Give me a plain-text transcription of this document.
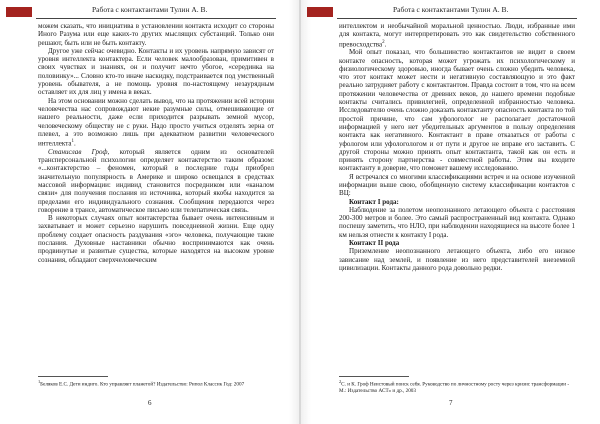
Работа с контактантами Тулин А. В.

можем сказать, что инициатива в установлении контакта исходит со стороны Иного Разума или еще каких-то других мыслящих субстанций. Только они решают, быть или не быть контакту.

Другое уже сейчас очевидно. Контакты и их уровень напрямую зависят от уровня интеллекта контактера. Если человек малообразован, примитивен в своих чувствах и знаниях, он и получит нечто убогое, «серединка на половинку»... Словно кто-то иначе наскидку, подстраивается под умственный уровень обывателя, а не помощь уровня по-настоящему незаурядным оставляет их для лиц у имена в веках.

На этом основании можно сделать вывод, что на протяжении всей истории человечества нас сопровождают некие разумные силы, отмешивающие от нашего реальности, даже если приходится разрывать земной мусор, человеческому обществу не с руки. Надо просто учиться отделять зерна от плевел, а это возможно лишь при адекватном развитии человеческого интеллекта$^1$.

Станислав Гроф, который является одним из основателей трансперсональной психологии определяет контактерство таким образом: «...контактерство – феномен, который в последние годы приобрел значительную популярность в Америке и широко освещался в средствах массовой информации: индивид становится посредником или «каналом связи» для получения послания из источника, который якобы находится за пределами его индивидуального сознания. Сообщения передаются через говорение в трансе, автоматическое письмо или телепатическая связь.

В некоторых случаях опыт контактерства бывает очень интенсивным и захватывает и может серьезно нарушить повседневной жизни. Еще одну проблему создает опасность раздувания «эго» человека, получающие такие послания. Духовные наставники обычно воспринимаются как очень продвинутые и развитые существа, которые находятся на высоком уровне сознания, обладают сверхчеловеческим

$^1$Беляков Е.С. Дети индиго. Кто управляет планетой? Издательство: Рипол Классик Год: 2007
6
Работа с контактантами Тулин А. В.

интеллектом и необычайной моральной ценностью. Люди, избранные ими для контакта, могут интерпретировать это как свидетельство собственного превосходства$^2$.

Мой опыт показал, что большинство контактантов не видит в своем контакте опасность, которая может угрожать их психологическому и физиологическому здоровью, иногда бывает очень сложно убедить человека, что этот контакт может нести и негативную составляющую и это факт реально затрудняет работу с контактантом. Правда состоит в том, что на всем протяжении человечества от древних веков, до нашего времени подобные контакты считались привилегией, определенной избранностью человека. Исследователю очень сложно доказать контактанту опасность контакта по той простой причине, что сам уфологолог не располагает достаточной информацией у него нет убедительных аргументов в пользу определения контакта как негативного. Контактант в праве отказаться от работы с уфологом или уфологологом и от пути и другое не вправе его заставить. С другой стороны можно принять опыт контактанта, такой как он есть и принять сторону партнерства - совместной работы. Этим вы входите контактанту в доверие, что поможет вашему исследованию.

Я встречался со многими классификациями встреч и на основе изученной информации выше свою, обобщенную систему классификации контактов с ВЦ:

Контакт I рода:

Наблюдение за полетом неопознанного летающего объекта с расстояния 200-300 метров и более. Это самый распространенный вид контакта. Однако поспешу заметить, что НЛО, при наблюдении находящиеся на высоте более 1 км нельзя отнести к контакту I рода.

Контакт II рода

Приземление неопознанного летающего объекта, либо его низкое зависание над землей, и появление из него представителей внеземной цивилизации. Контакты данного рода довольно редки.

$^2$С. и К. Гроф Неистовый поиск себя. Руководство по личностному росту через кризис трансформации - М.: Издательство АСТ» и др., 2003
7
